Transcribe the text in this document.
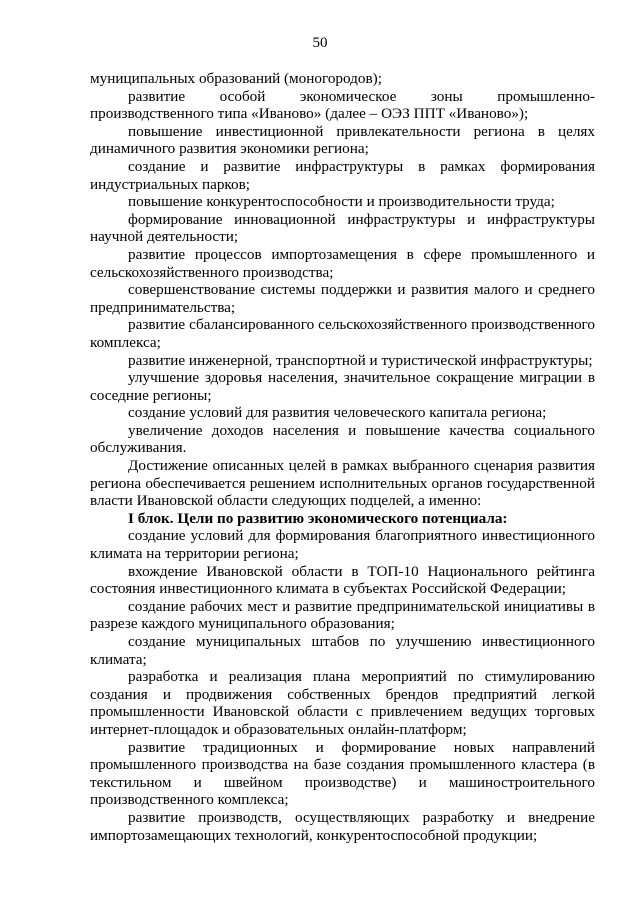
50

муниципальных образований (моногородов);

развитие особой экономическое зоны промышленно-производственного типа «Иваново» (далее – ОЭЗ ППТ «Иваново»);

повышение инвестиционной привлекательности региона в целях динамичного развития экономики региона;

создание и развитие инфраструктуры в рамках формирования индустриальных парков;

повышение конкурентоспособности и производительности труда;

формирование инновационной инфраструктуры и инфраструктуры научной деятельности;

развитие процессов импортозамещения в сфере промышленного и сельскохозяйственного производства;

совершенствование системы поддержки и развития малого и среднего предпринимательства;

развитие сбалансированного сельскохозяйственного производственного комплекса;

развитие инженерной, транспортной и туристической инфраструктуры;

улучшение здоровья населения, значительное сокращение миграции в соседние регионы;

создание условий для развития человеческого капитала региона;

увеличение доходов населения и повышение качества социального обслуживания.

Достижение описанных целей в рамках выбранного сценария развития региона обеспечивается решением исполнительных органов государственной власти Ивановской области следующих подцелей, а именно:

I блок. Цели по развитию экономического потенциала:

создание условий для формирования благоприятного инвестиционного климата на территории региона;

вхождение Ивановской области в ТОП-10 Национального рейтинга состояния инвестиционного климата в субъектах Российской Федерации;

создание рабочих мест и развитие предпринимательской инициативы в разрезе каждого муниципального образования;

создание муниципальных штабов по улучшению инвестиционного климата;

разработка и реализация плана мероприятий по стимулированию создания и продвижения собственных брендов предприятий легкой промышленности Ивановской области с привлечением ведущих торговых интернет-площадок и образовательных онлайн-платформ;

развитие традиционных и формирование новых направлений промышленного производства на базе создания промышленного кластера (в текстильном и швейном производстве) и машиностроительного производственного комплекса;

развитие производств, осуществляющих разработку и внедрение импортозамещающих технологий, конкурентоспособной продукции;
